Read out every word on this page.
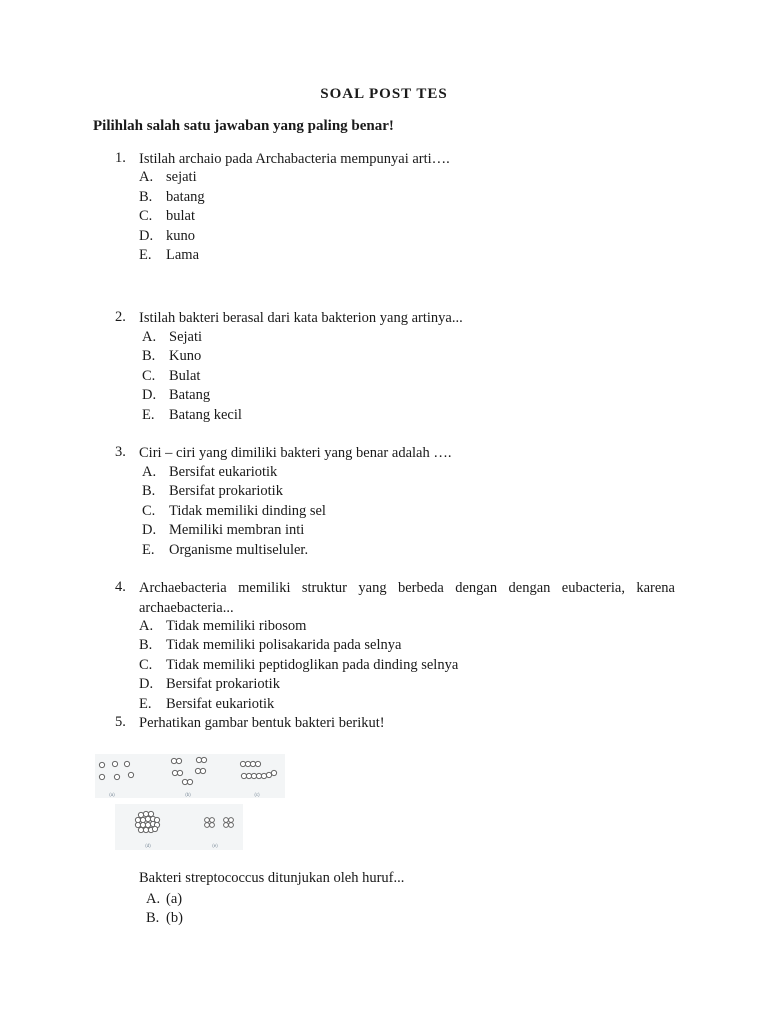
SOAL POST TES
Pilihlah salah satu jawaban yang paling benar!
1. Istilah archaio pada Archabacteria mempunyai arti….
A. sejati
B. batang
C. bulat
D. kuno
E. Lama
2. Istilah bakteri berasal dari kata bakterion yang artinya...
A. Sejati
B. Kuno
C. Bulat
D. Batang
E. Batang kecil
3. Ciri – ciri yang dimiliki bakteri yang benar adalah ….
A. Bersifat eukariotik
B. Bersifat prokariotik
C. Tidak memiliki dinding sel
D. Memiliki membran inti
E. Organisme multiseluler.
4. Archaebacteria memiliki struktur yang berbeda dengan dengan eubacteria, karena archaebacteria...
A. Tidak memiliki ribosom
B. Tidak memiliki polisakarida pada selnya
C. Tidak memiliki peptidoglikan pada dinding selnya
D. Bersifat prokariotik
E. Bersifat eukariotik
5. Perhatikan gambar bentuk bakteri berikut!
(a)	(b)	(c)
(d)	(e)
Bakteri streptococcus ditunjukan oleh huruf...
A. (a)
B. (b)
